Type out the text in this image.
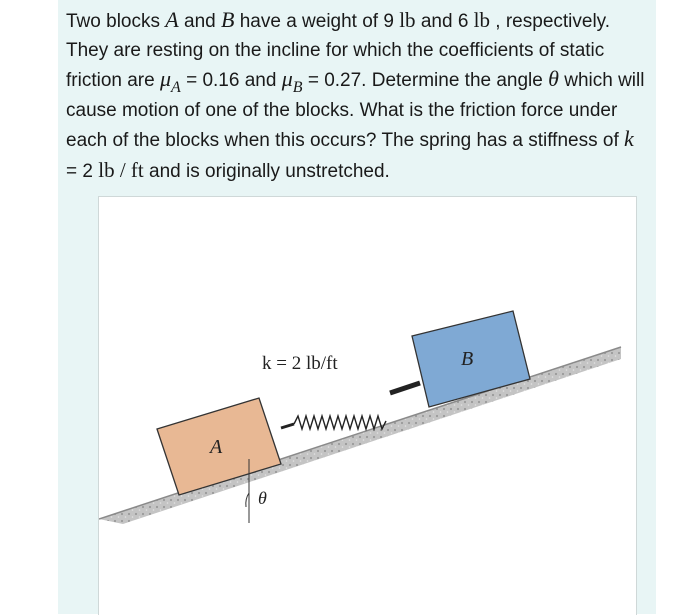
Two blocks A and B have a weight of 9 lb and 6 lb , respectively. They are resting on the incline for which the coefficients of static friction are $\mu_A = 0.16$ and $\mu_B = 0.27$. Determine the angle θ which will cause motion of one of the blocks. What is the friction force under each of the blocks when this occurs? The spring has a stiffness of k = 2 lb / ft and is originally unstretched.

A
B
k = 2 lb/ft
θ
